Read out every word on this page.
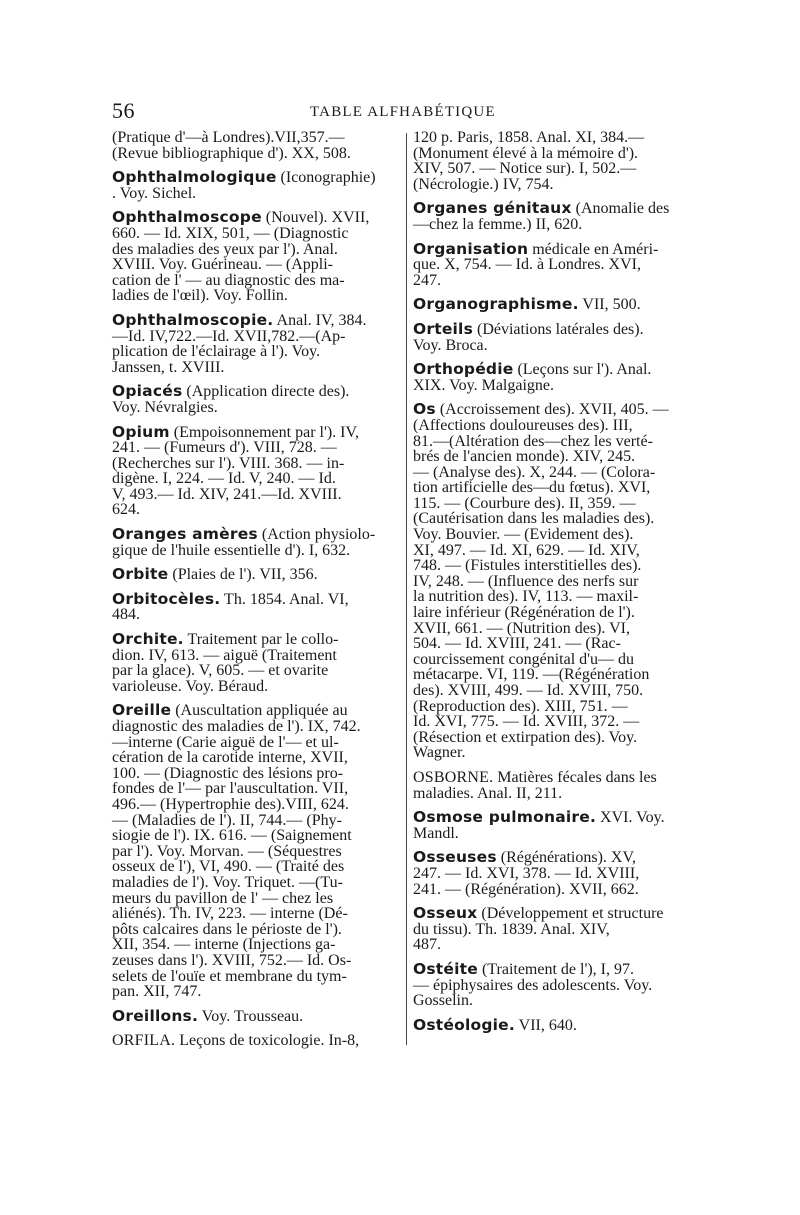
56	TABLE ALFHABÉTIQUE
(Pratique d'—à Londres).VII,357.—
(Revue bibliographique d'). XX, 508.
Ophthalmologique (Iconographie)
. Voy. Sichel.
Ophthalmoscope (Nouvel). XVII,
660. — Id. XIX, 501, — (Diagnostic
des maladies des yeux par l'). Anal.
XVIII. Voy. Guérineau. — (Appli-
cation de l' — au diagnostic des ma-
ladies de l'œil). Voy. Follin.
Ophthalmoscopie. Anal. IV, 384.
—Id. IV,722.—Id. XVII,782.—(Ap-
plication de l'éclairage à l'). Voy.
Janssen, t. XVIII.
Opiacés (Application directe des).
Voy. Névralgies.
Opium (Empoisonnement par l'). IV,
241. — (Fumeurs d'). VIII, 728. —
(Recherches sur l'). VIII. 368. — in-
digène. I, 224. — Id. V, 240. — Id.
V, 493.— Id. XIV, 241.—Id. XVIII.
624.
Oranges amères (Action physiolo-
gique de l'huile essentielle d'). I, 632.
Orbite (Plaies de l'). VII, 356.
Orbitocèles. Th. 1854. Anal. VI,
484.
Orchite. Traitement par le collo-
dion. IV, 613. — aiguë (Traitement
par la glace). V, 605. — et ovarite
varioleuse. Voy. Béraud.
Oreille (Auscultation appliquée au
diagnostic des maladies de l'). IX, 742.
—interne (Carie aiguë de l'— et ul-
cération de la carotide interne, XVII,
100. — (Diagnostic des lésions pro-
fondes de l'— par l'auscultation. VII,
496.— (Hypertrophie des).VIII, 624.
— (Maladies de l'). II, 744.— (Phy-
siogie de l'). IX. 616. — (Saignement
par l'). Voy. Morvan. — (Séquestres
osseux de l'), VI, 490. — (Traité des
maladies de l'). Voy. Triquet. —(Tu-
meurs du pavillon de l' — chez les
aliénés). Th. IV, 223. — interne (Dé-
pôts calcaires dans le périoste de l').
XII, 354. — interne (Injections ga-
zeuses dans l'). XVIII, 752.— Id. Os-
selets de l'ouïe et membrane du tym-
pan. XII, 747.
Oreillons. Voy. Trousseau.
ORFILA. Leçons de toxicologie. In-8,
120 p. Paris, 1858. Anal. XI, 384.—
(Monument élevé à la mémoire d').
XIV, 507. — Notice sur). I, 502.—
(Nécrologie.) IV, 754.
Organes génitaux (Anomalie des
—chez la femme.) II, 620.
Organisation médicale en Améri-
que. X, 754. — Id. à Londres. XVI,
247.
Organographisme. VII, 500.
Orteils (Déviations latérales des).
Voy. Broca.
Orthopédie (Leçons sur l'). Anal.
XIX. Voy. Malgaigne.
Os (Accroissement des). XVII, 405. —
(Affections douloureuses des). III,
81.—(Altération des—chez les verté-
brés de l'ancien monde). XIV, 245.
— (Analyse des). X, 244. — (Colora-
tion artificielle des—du fœtus). XVI,
115. — (Courbure des). II, 359. —
(Cautérisation dans les maladies des).
Voy. Bouvier. — (Evidement des).
XI, 497. — Id. XI, 629. — Id. XIV,
748. — (Fistules interstitielles des).
IV, 248. — (Influence des nerfs sur
la nutrition des). IV, 113. — maxil-
laire inférieur (Régénération de l').
XVII, 661. — (Nutrition des). VI,
504. — Id. XVIII, 241. — (Rac-
courcissement congénital d'u— du
métacarpe. VI, 119. —(Régénération
des). XVIII, 499. — Id. XVIII, 750.
(Reproduction des). XIII, 751. —
Id. XVI, 775. — Id. XVIII, 372. —
(Résection et extirpation des). Voy.
Wagner.
OSBORNE. Matières fécales dans les
maladies. Anal. II, 211.
Osmose pulmonaire. XVI. Voy.
Mandl.
Osseuses (Régénérations). XV,
247. — Id. XVI, 378. — Id. XVIII,
241. — (Régénération). XVII, 662.
Osseux (Développement et structure
du tissu). Th. 1839. Anal. XIV,
487.
Ostéite (Traitement de l'), I, 97.
— épiphysaires des adolescents. Voy.
Gosselin.
Ostéologie. VII, 640.
